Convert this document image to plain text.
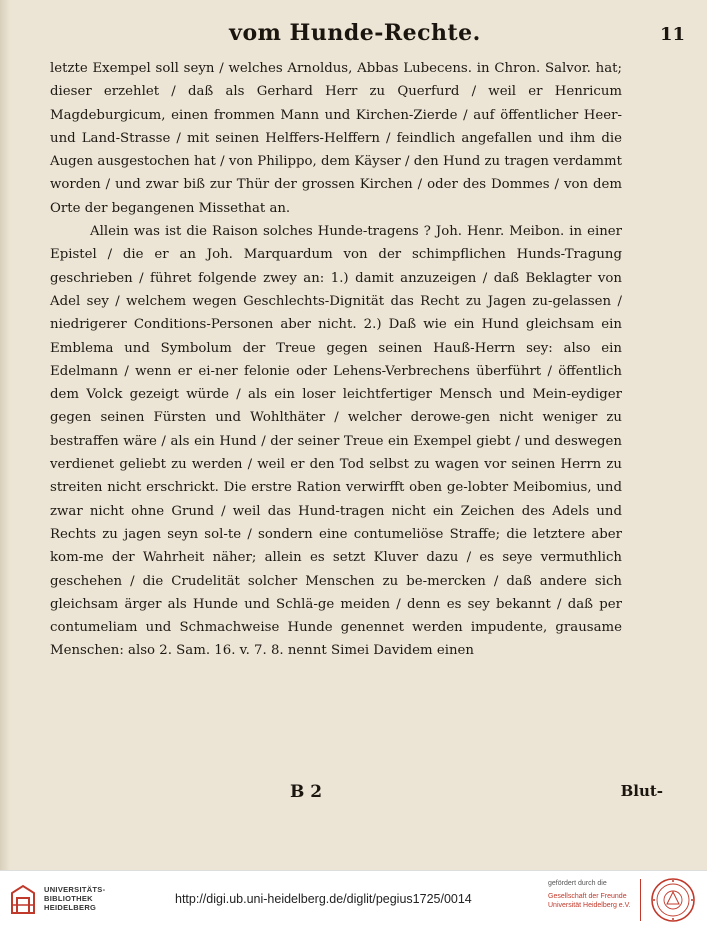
vom Hunde-Rechte.	11

letzte Exempel soll seyn / welches Arnoldus, Abbas Lubecens. in Chron. Salvor. hat; dieser erzehlet / daß als Gerhard Herr zu Querfurd / weil er Henricum Magdeburgicum, einen frommen Mann und Kirchen-Zierde / auf öffentlicher Heer- und Land-Strasse / mit seinen Helffers-Helffern / feindlich angefallen und ihm die Augen ausgestochen hat / von Philippo, dem Käyser / den Hund zu tragen verdammt worden / und zwar biß zur Thür der grossen Kirchen / oder des Dommes / von dem Orte der begangenen Missethat an.

Allein was ist die Raison solches Hunde-tragens ? Joh. Henr. Meibon. in einer Epistel / die er an Joh. Marquardum von der schimpflichen Hunds-Tragung geschrieben / führet folgende zwey an: 1.) damit anzuzeigen / daß Beklagter von Adel sey / welchem wegen Geschlechts-Dignität das Recht zu Jagen zu-gelassen / niedrigerer Conditions-Personen aber nicht. 2.) Daß wie ein Hund gleichsam ein Emblema und Symbolum der Treue gegen seinen Hauß-Herrn sey: also ein Edelmann / wenn er ei-ner felonie oder Lehens-Verbrechens überführt / öffentlich dem Volck gezeigt würde / als ein loser leichtfertiger Mensch und Mein-eydiger gegen seinen Fürsten und Wohlthäter / welcher derowe-gen nicht weniger zu bestraffen wäre / als ein Hund / der seiner Treue ein Exempel giebt / und deswegen verdienet geliebt zu werden / weil er den Tod selbst zu wagen vor seinen Herrn zu streiten nicht erschrickt. Die erstre Ration verwirfft oben ge-lobter Meibomius, und zwar nicht ohne Grund / weil das Hund-tragen nicht ein Zeichen des Adels und Rechts zu jagen seyn sol-te / sondern eine contumeliöse Straffe; die letztere aber kom-me der Wahrheit näher; allein es setzt Kluver dazu / es seye vermuthlich geschehen / die Crudelität solcher Menschen zu be-mercken / daß andere sich gleichsam ärger als Hunde und Schlä-ge meiden / denn es sey bekannt / daß per contumeliam und Schmachweise Hunde genennet werden impudente, grausame Menschen: also 2. Sam. 16. v. 7. 8. nennt Simei Davidem einen

B 2	Blut-
UNIVERSITÄTS-
BIBLIOTHEK
HEIDELBERG
http://digi.ub.uni-heidelberg.de/diglit/pegius1725/0014
gefördert durch die
Gesellschaft der Freunde
Universität Heidelberg e.V.
